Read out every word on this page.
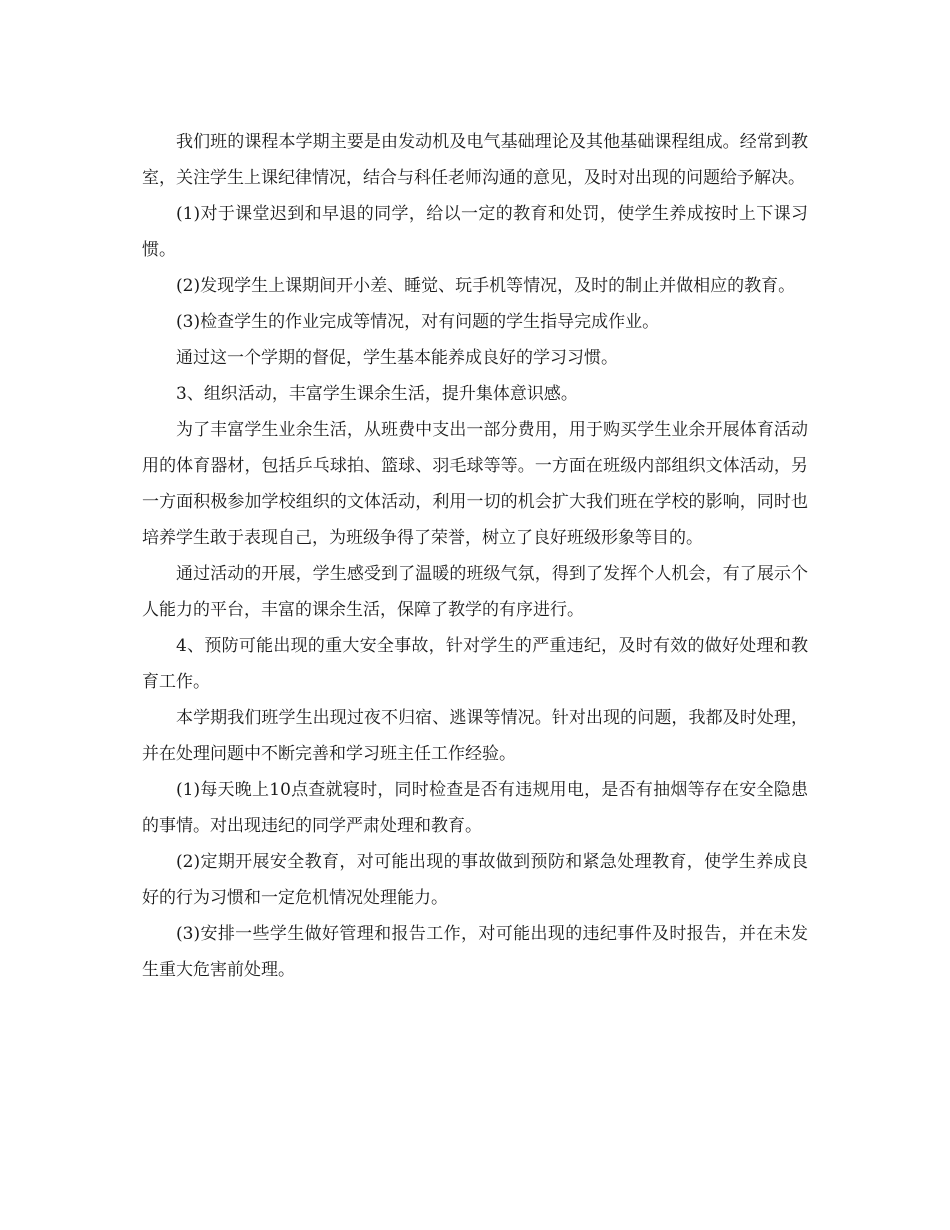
我们班的课程本学期主要是由发动机及电气基础理论及其他基础课程组成。经常到教室，关注学生上课纪律情况，结合与科任老师沟通的意见，及时对出现的问题给予解决。

(1)对于课堂迟到和早退的同学，给以一定的教育和处罚，使学生养成按时上下课习惯。

(2)发现学生上课期间开小差、睡觉、玩手机等情况，及时的制止并做相应的教育。

(3)检查学生的作业完成等情况，对有问题的学生指导完成作业。

通过这一个学期的督促，学生基本能养成良好的学习习惯。

3、组织活动，丰富学生课余生活，提升集体意识感。

为了丰富学生业余生活，从班费中支出一部分费用，用于购买学生业余开展体育活动用的体育器材，包括乒乓球拍、篮球、羽毛球等等。一方面在班级内部组织文体活动，另一方面积极参加学校组织的文体活动，利用一切的机会扩大我们班在学校的影响，同时也培养学生敢于表现自己，为班级争得了荣誉，树立了良好班级形象等目的。

通过活动的开展，学生感受到了温暖的班级气氛，得到了发挥个人机会，有了展示个人能力的平台，丰富的课余生活，保障了教学的有序进行。

4、预防可能出现的重大安全事故，针对学生的严重违纪，及时有效的做好处理和教育工作。

本学期我们班学生出现过夜不归宿、逃课等情况。针对出现的问题，我都及时处理，并在处理问题中不断完善和学习班主任工作经验。

(1)每天晚上10点查就寝时，同时检查是否有违规用电，是否有抽烟等存在安全隐患的事情。对出现违纪的同学严肃处理和教育。

(2)定期开展安全教育，对可能出现的事故做到预防和紧急处理教育，使学生养成良好的行为习惯和一定危机情况处理能力。

(3)安排一些学生做好管理和报告工作，对可能出现的违纪事件及时报告，并在未发生重大危害前处理。
